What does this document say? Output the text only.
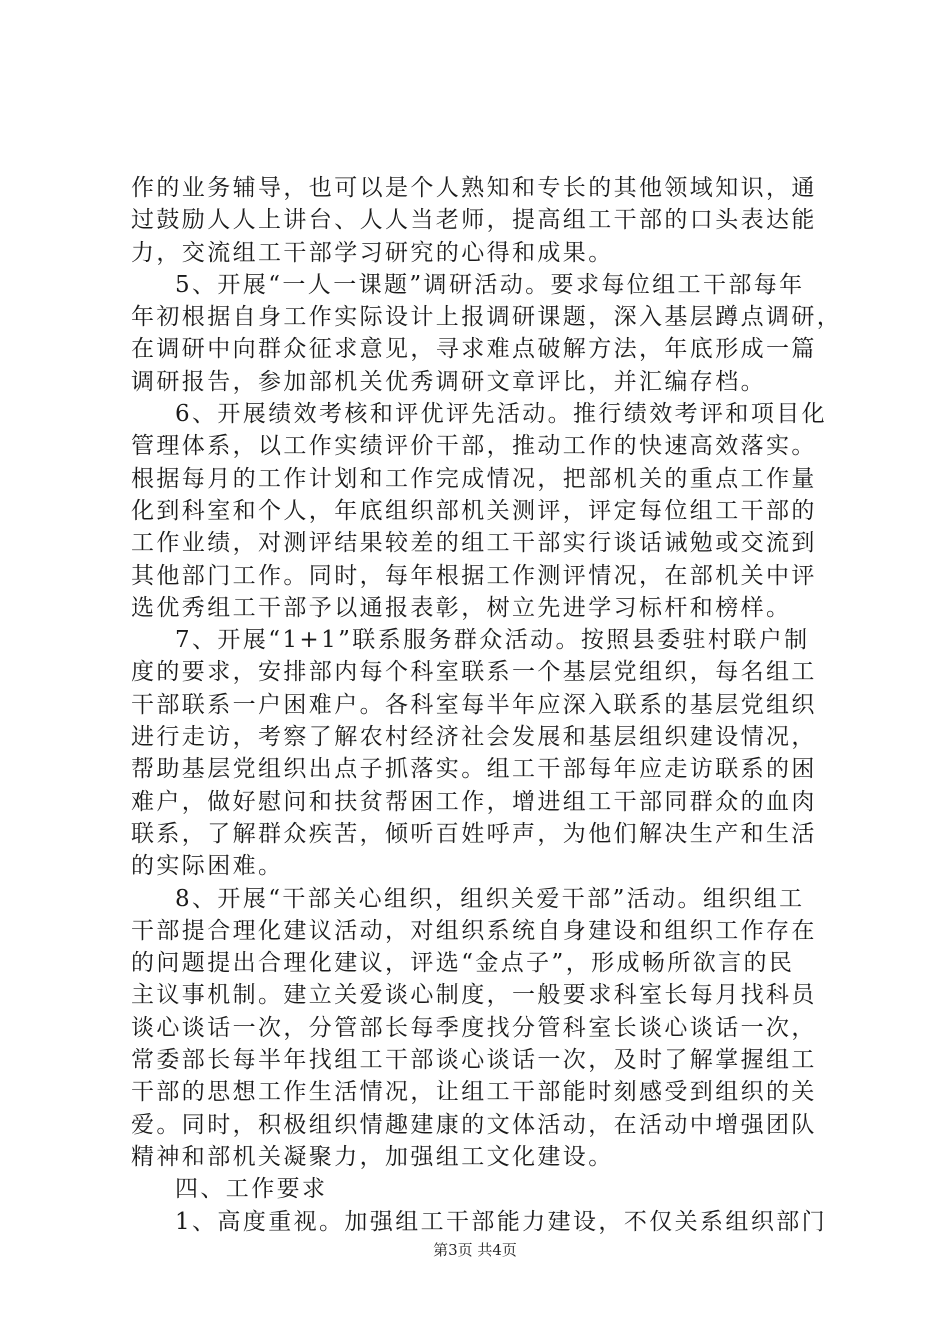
作的业务辅导，也可以是个人熟知和专长的其他领域知识，通
过鼓励人人上讲台、人人当老师，提高组工干部的口头表达能
力，交流组工干部学习研究的心得和成果。
5、开展“一人一课题”调研活动。要求每位组工干部每年
年初根据自身工作实际设计上报调研课题，深入基层蹲点调研，
在调研中向群众征求意见，寻求难点破解方法，年底形成一篇
调研报告，参加部机关优秀调研文章评比，并汇编存档。
6、开展绩效考核和评优评先活动。推行绩效考评和项目化
管理体系，以工作实绩评价干部，推动工作的快速高效落实。
根据每月的工作计划和工作完成情况，把部机关的重点工作量
化到科室和个人，年底组织部机关测评，评定每位组工干部的
工作业绩，对测评结果较差的组工干部实行谈话诫勉或交流到
其他部门工作。同时，每年根据工作测评情况，在部机关中评
选优秀组工干部予以通报表彰，树立先进学习标杆和榜样。
7、开展“1+1”联系服务群众活动。按照县委驻村联户制
度的要求，安排部内每个科室联系一个基层党组织，每名组工
干部联系一户困难户。各科室每半年应深入联系的基层党组织
进行走访，考察了解农村经济社会发展和基层组织建设情况，
帮助基层党组织出点子抓落实。组工干部每年应走访联系的困
难户，做好慰问和扶贫帮困工作，增进组工干部同群众的血肉
联系，了解群众疾苦，倾听百姓呼声，为他们解决生产和生活
的实际困难。
8、开展“干部关心组织，组织关爱干部”活动。组织组工
干部提合理化建议活动，对组织系统自身建设和组织工作存在
的问题提出合理化建议，评选“金点子”，形成畅所欲言的民
主议事机制。建立关爱谈心制度，一般要求科室长每月找科员
谈心谈话一次，分管部长每季度找分管科室长谈心谈话一次，
常委部长每半年找组工干部谈心谈话一次，及时了解掌握组工
干部的思想工作生活情况，让组工干部能时刻感受到组织的关
爱。同时，积极组织情趣建康的文体活动，在活动中增强团队
精神和部机关凝聚力，加强组工文化建设。
四、工作要求
1、高度重视。加强组工干部能力建设，不仅关系组织部门
第3页 共4页
